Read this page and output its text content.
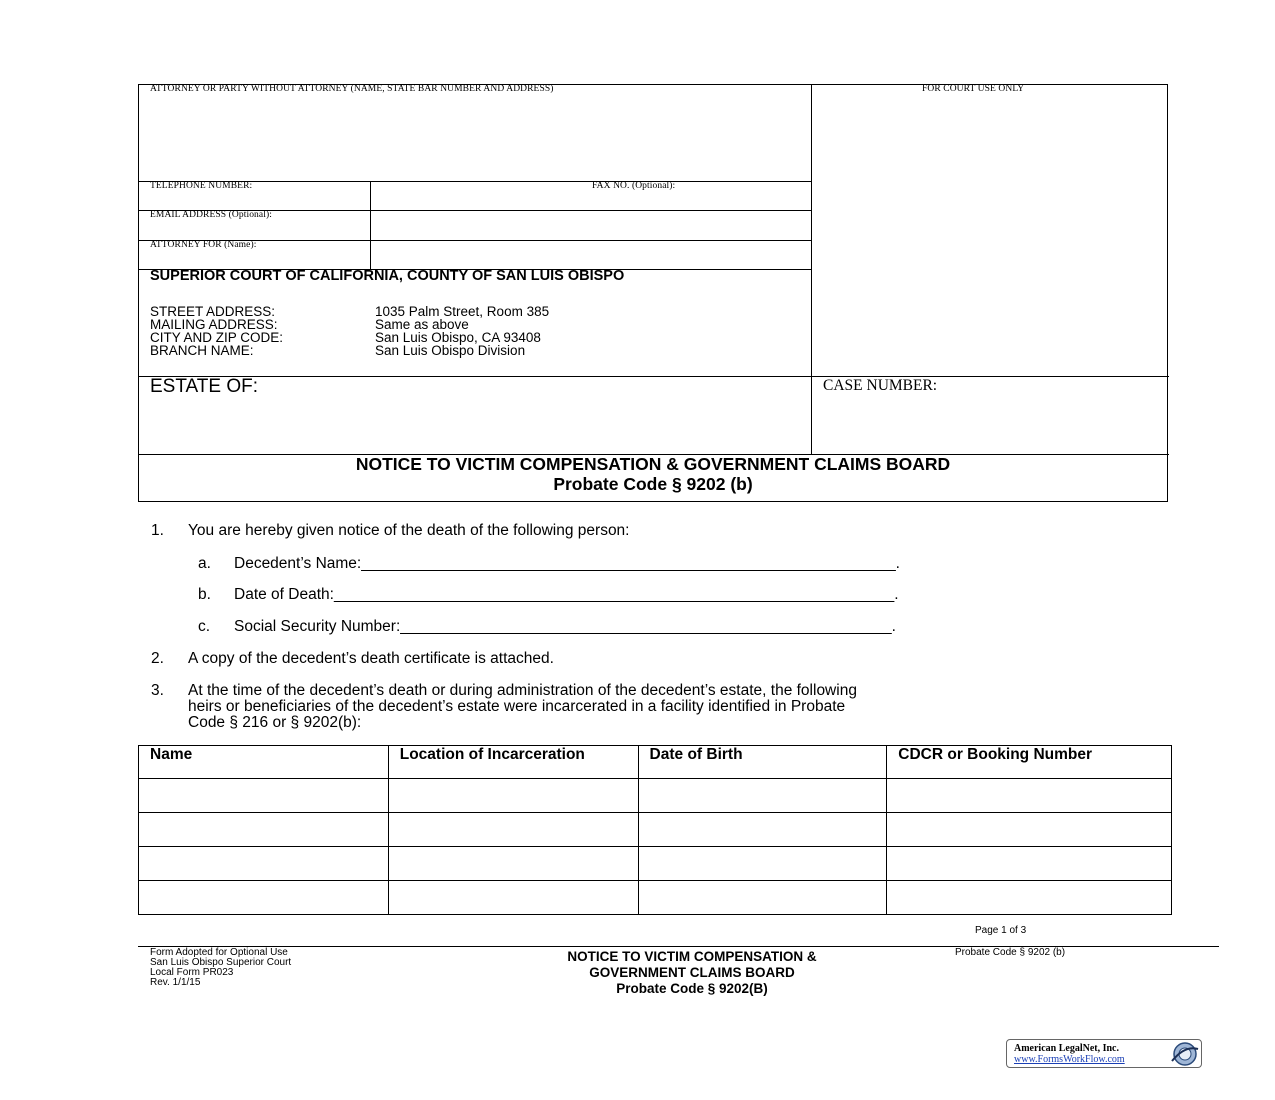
ATTORNEY OR PARTY WITHOUT ATTORNEY (NAME, STATE BAR NUMBER AND ADDRESS)	FOR COURT USE ONLY
TELEPHONE NUMBER:	FAX NO. (Optional):
EMAIL ADDRESS (Optional):
ATTORNEY FOR (Name):
SUPERIOR COURT OF CALIFORNIA, COUNTY OF SAN LUIS OBISPO
STREET ADDRESS:	1035 Palm Street, Room 385
MAILING ADDRESS:	Same as above
CITY AND ZIP CODE:	San Luis Obispo, CA 93408
BRANCH NAME:	San Luis Obispo Division
ESTATE OF:	CASE NUMBER:
NOTICE TO VICTIM COMPENSATION & GOVERNMENT CLAIMS BOARD
Probate Code § 9202 (b)
1. You are hereby given notice of the death of the following person:
a. Decedent’s Name:______________________________________________________________.
b. Date of Death:_________________________________________________________________.
c. Social Security Number:_________________________________________________________.
2. A copy of the decedent’s death certificate is attached.
3. At the time of the decedent’s death or during administration of the decedent’s estate, the following
heirs or beneficiaries of the decedent’s estate were incarcerated in a facility identified in Probate
Code § 216 or § 9202(b):
Name	Location of Incarceration	Date of Birth	CDCR or Booking Number

Page 1 of 3
Form Adopted for Optional Use
San Luis Obispo Superior Court
Local Form PR023
Rev. 1/1/15
NOTICE TO VICTIM COMPENSATION &
GOVERNMENT CLAIMS BOARD
Probate Code § 9202(B)
Probate Code § 9202 (b)
American LegalNet, Inc.
www.FormsWorkFlow.com
